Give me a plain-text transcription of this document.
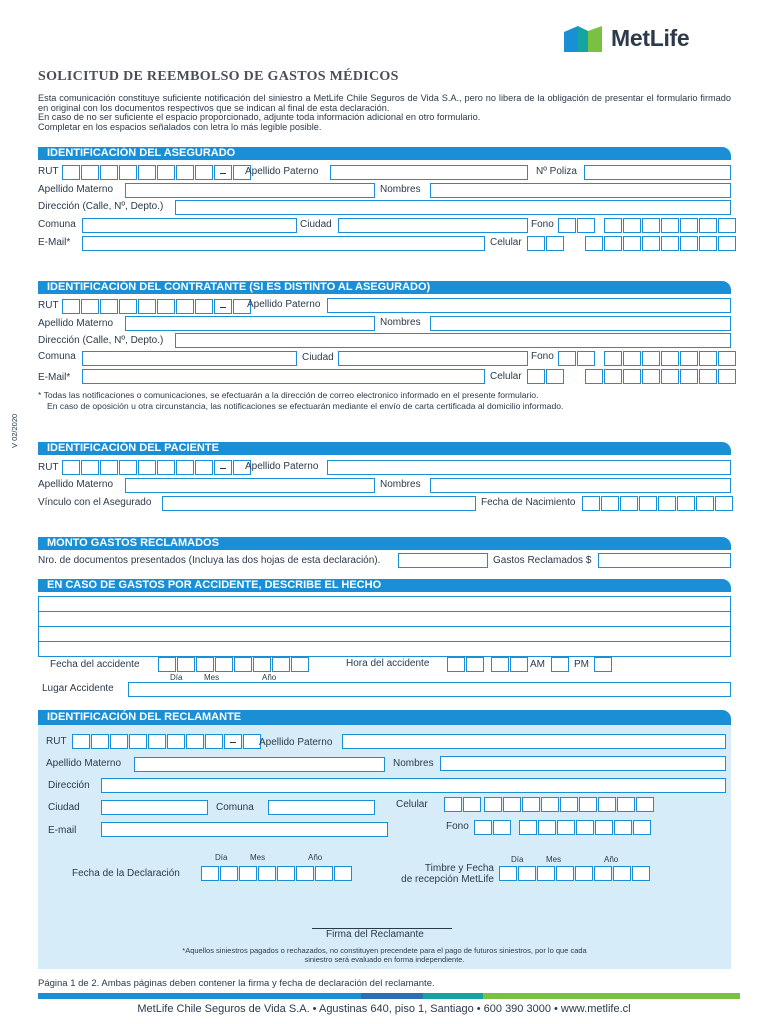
MetLife
SOLICITUD DE REEMBOLSO DE GASTOS MÉDICOS
Esta comunicación constituye suficiente notificación del siniestro a MetLife Chile Seguros de Vida S.A., pero no libera de la obligación de presentar el formulario firmado en original con los documentos respectivos que se indican al final de esta declaración.
En caso de no ser suficiente el espacio proporcionado, adjunte toda información adicional en otro formulario.
Completar en los espacios señalados con letra lo más legible posible.
V 02/2020
IDENTIFICACIÓN DEL ASEGURADO
RUT	Apellido Paterno	Nº Poliza
Apellido Materno	Nombres
Dirección (Calle, Nº, Depto.)
Comuna	Ciudad	Fono
E-Mail*	Celular
IDENTIFICACIÓN DEL CONTRATANTE (SI ES DISTINTO AL ASEGURADO)
RUT	Apellido Paterno
Apellido Materno	Nombres
Dirección (Calle, Nº, Depto.)
Comuna	Ciudad	Fono
E-Mail*	Celular
* Todas las notificaciones o comunicaciones, se efectuarán a la dirección de correo electronico informado en el presente formulario.
En caso de oposición u otra circunstancia, las notificaciones se efectuarán mediante el envío de carta certificada al domicilio informado.
IDENTIFICACIÓN DEL PACIENTE
RUT	Apellido Paterno
Apellido Materno	Nombres
Vínculo con el Asegurado	Fecha de Nacimiento
MONTO GASTOS RECLAMADOS
Nro. de documentos presentados (Incluya las dos hojas de esta declaración).	Gastos Reclamados $
EN CASO DE GASTOS POR ACCIDENTE, DESCRIBE EL HECHO
Fecha del accidente
Día	Mes	Año
Hora del accidente	AM	PM
Lugar Accidente
IDENTIFICACIÓN DEL RECLAMANTE
RUT	Apellido Paterno
Apellido Materno	Nombres
Dirección
Ciudad	Comuna	Celular
E-mail	Fono
Día	Mes	Año
Fecha de la Declaración
Día	Mes	Año
Timbre y Fecha
de recepción MetLife
Firma del Reclamante
*Aquellos siniestros pagados o rechazados, no constituyen precendete para el pago de futuros siniestros, por lo que cada
siniestro será evaluado en forma independiente.
Página 1 de 2. Ambas páginas deben contener la firma y fecha de declaración del reclamante.
MetLife Chile Seguros de Vida S.A. • Agustinas 640, piso 1, Santiago • 600 390 3000 • www.metlife.cl
